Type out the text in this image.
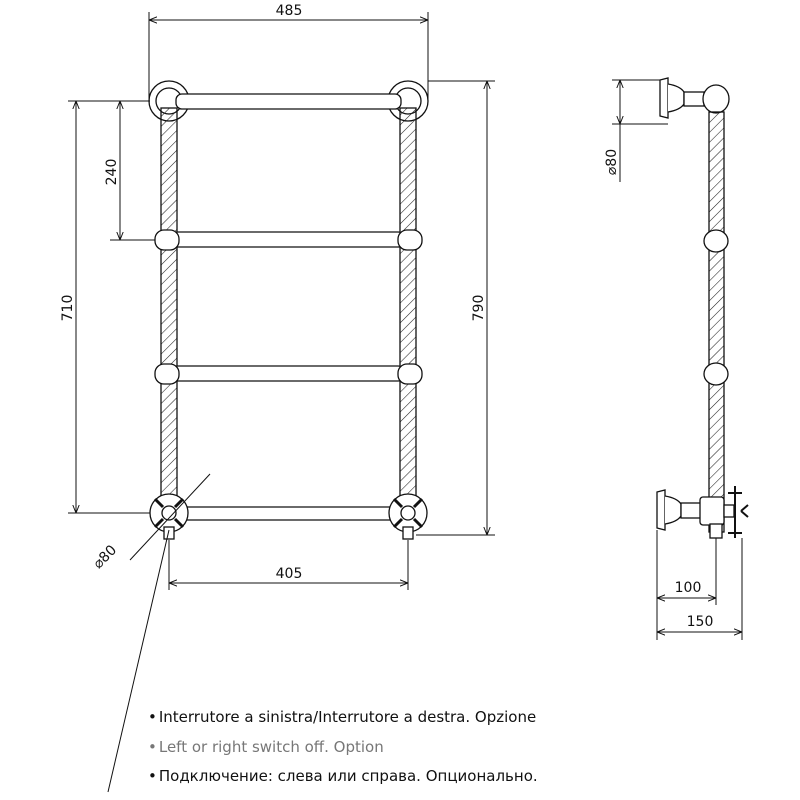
485
240
710	790
405
⌀80
⌀80
100
150
• Interrutore a sinistra/Interrutore a destra. Opzione
• Left or right switch off. Option
• Подключение: слева или справа. Опционально.
